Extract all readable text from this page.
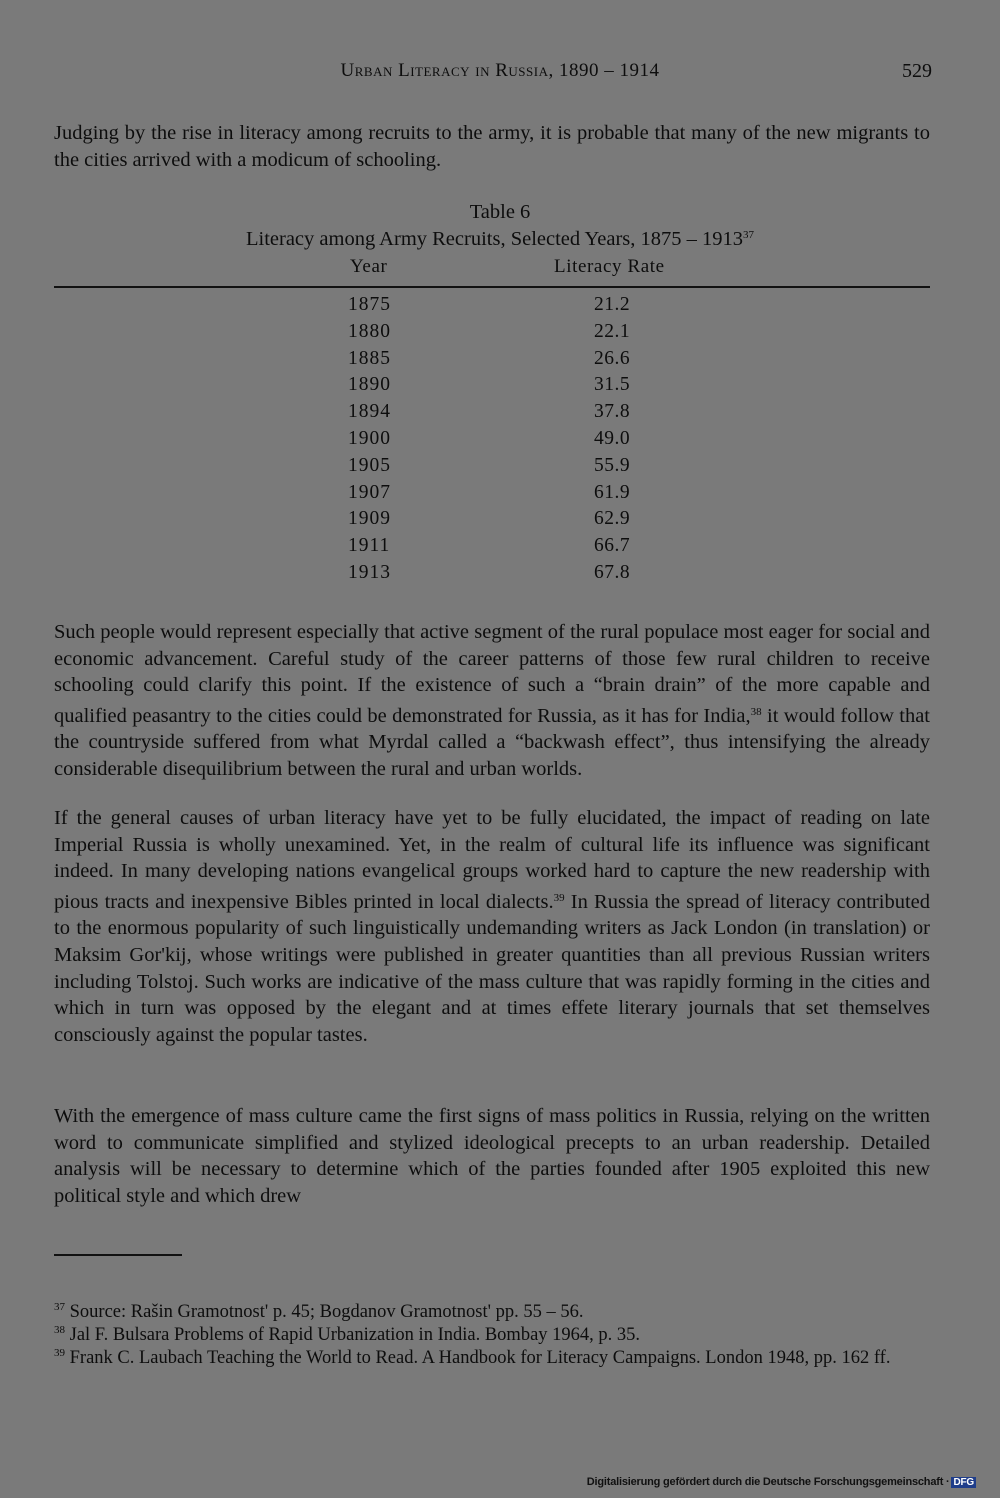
Urban Literacy in Russia, 1890 – 1914	529

Judging by the rise in literacy among recruits to the army, it is probable that many of the new migrants to the cities arrived with a modicum of schooling.

Table 6
Literacy among Army Recruits, Selected Years, 1875 – 1913$^{37}$
Year	Literacy Rate
1875	21.2
1880	22.1
1885	26.6
1890	31.5
1894	37.8
1900	49.0
1905	55.9
1907	61.9
1909	62.9
1911	66.7
1913	67.8

Such people would represent especially that active segment of the rural populace most eager for social and economic advancement. Careful study of the career patterns of those few rural children to receive schooling could clarify this point. If the existence of such a “brain drain” of the more capable and qualified peasantry to the cities could be demonstrated for Russia, as it has for India,$^{38}$ it would follow that the countryside suffered from what Myrdal called a “backwash effect”, thus intensifying the already considerable disequilibrium between the rural and urban worlds.

If the general causes of urban literacy have yet to be fully elucidated, the impact of reading on late Imperial Russia is wholly unexamined. Yet, in the realm of cultural life its influence was significant indeed. In many developing nations evangelical groups worked hard to capture the new readership with pious tracts and inexpensive Bibles printed in local dialects.$^{39}$ In Russia the spread of literacy contributed to the enormous popularity of such linguistically undemanding writers as Jack London (in translation) or Maksim Gor'kij, whose writings were published in greater quantities than all previous Russian writers including Tolstoj. Such works are indicative of the mass culture that was rapidly forming in the cities and which in turn was opposed by the elegant and at times effete literary journals that set themselves consciously against the popular tastes.

With the emergence of mass culture came the first signs of mass politics in Russia, relying on the written word to communicate simplified and stylized ideological precepts to an urban readership. Detailed analysis will be necessary to determine which of the parties founded after 1905 exploited this new political style and which drew

$^{37}$ Source: Rašin Gramotnost' p. 45; Bogdanov Gramotnost' pp. 55 – 56.

$^{38}$ Jal F. Bulsara Problems of Rapid Urbanization in India. Bombay 1964, p. 35.

$^{39}$ Frank C. Laubach Teaching the World to Read. A Handbook for Literacy Campaigns. London 1948, pp. 162 ff.

Digitalisierung gefördert durch die Deutsche Forschungsgemeinschaft · DFG
